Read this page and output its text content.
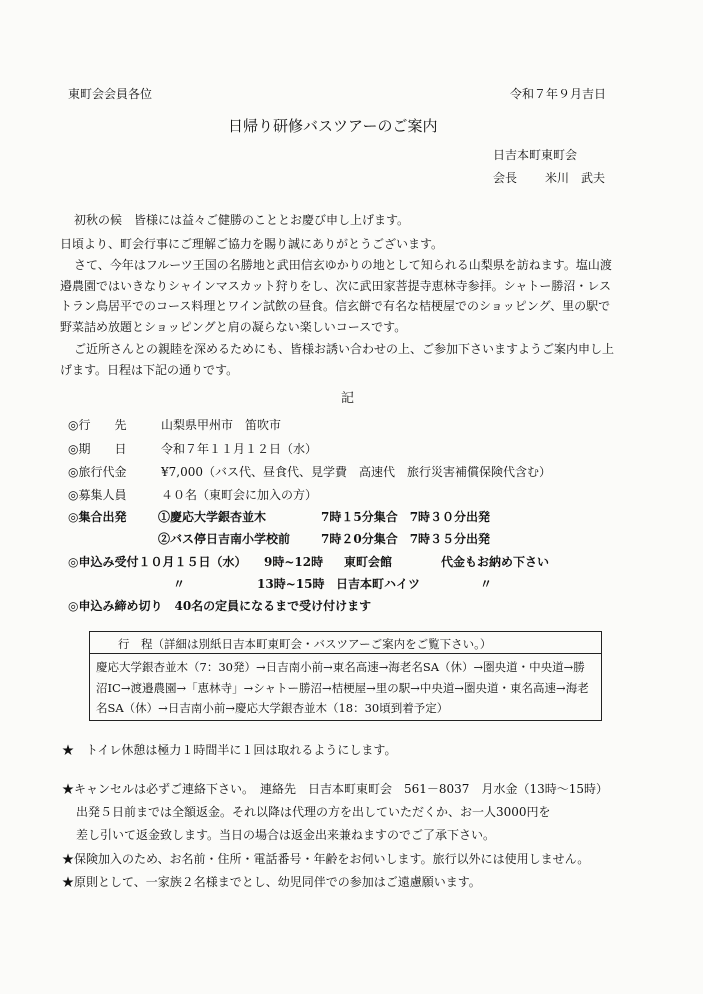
東町会会員各位	令和７年９月吉日
日帰り研修バスツアーのご案内
日吉本町東町会
会長 米川　武夫
初秋の候　皆様には益々ご健勝のこととお慶び申し上げます。
日頃より、町会行事にご理解ご協力を賜り誠にありがとうございます。
さて、今年はフルーツ王国の名勝地と武田信玄ゆかりの地として知られる山梨県を訪ねます。塩山渡邉農園ではいきなりシャインマスカット狩りをし、次に武田家菩提寺恵林寺参拝。シャトー勝沼・レストラン鳥居平でのコース料理とワイン試飲の昼食。信玄餅で有名な桔梗屋でのショッピング、里の駅で野菜詰め放題とショッピングと肩の凝らない楽しいコースです。
ご近所さんとの親睦を深めるためにも、皆様お誘い合わせの上、ご参加下さいますようご案内申し上げます。日程は下記の通りです。
記
◎行　　先	山梨県甲州市　笛吹市
◎期　　日	令和７年１１月１２日（水）
◎旅行代金	¥7,000（バス代、昼食代、見学費　高速代　旅行災害補償保険代含む）
◎募集人員	４０名（東町会に加入の方）
◎集合出発	①慶応大学銀杏並木	7時１5分集合　7時３０分出発
②バス停日吉南小学校前	7時２0分集合　7時３５分出発
◎申込み受付１０月１５日（水） 9時~12時 東町会館	代金もお納め下さい
〃	13時~15時 日吉本町ハイツ	〃
◎申込み締め切り　40名の定員になるまで受け付けます
行　程（詳細は別紙日吉本町東町会・バスツアーご案内をご覧下さい。）
慶応大学銀杏並木（7：30発）→日吉南小前→東名高速→海老名SA（休）→圏央道・中央道→勝沼IC→渡邉農園→「恵林寺」→シャトー勝沼→桔梗屋→里の駅→中央道→圏央道・東名高速→海老名SA（休）→日吉南小前→慶応大学銀杏並木（18：30頃到着予定）
★　トイレ休憩は極力１時間半に１回は取れるようにします。
★キャンセルは必ずご連絡下さい。　連絡先　日吉本町東町会　561－8037　月水金（13時～15時）
出発５日前までは全額返金。それ以降は代理の方を出していただくか、お一人3000円を
差し引いて返金致します。当日の場合は返金出来兼ねますのでご了承下さい。
★保険加入のため、お名前・住所・電話番号・年齢をお伺いします。旅行以外には使用しません。
★原則として、一家族２名様までとし、幼児同伴での参加はご遠慮願います。
